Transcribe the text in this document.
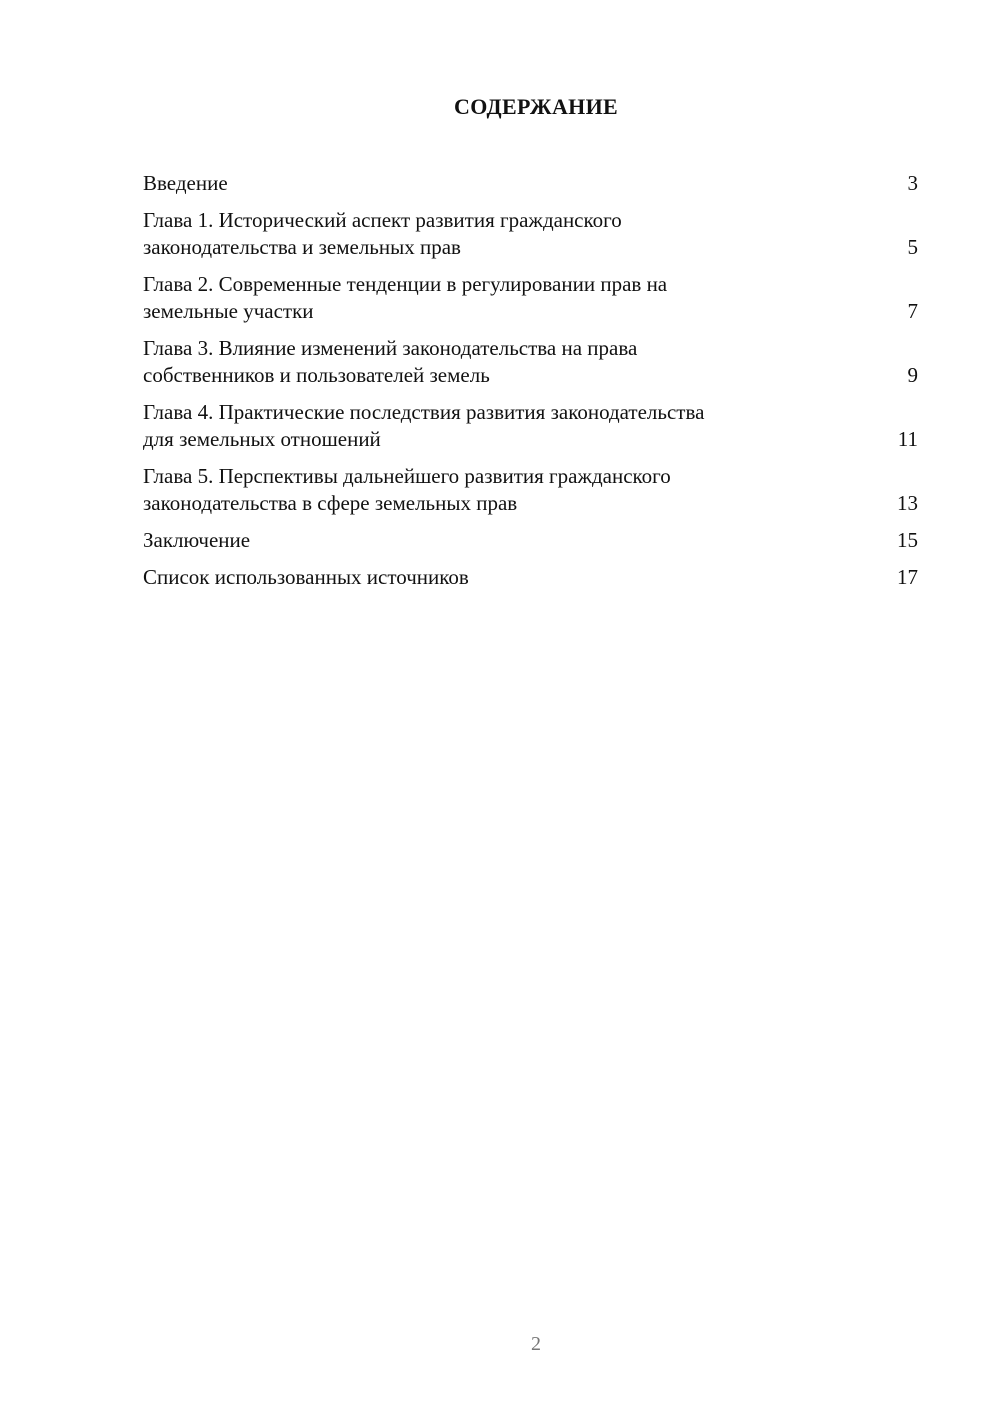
СОДЕРЖАНИЕ
Введение	3
Глава 1. Исторический аспект развития гражданского
законодательства и земельных прав	5
Глава 2. Современные тенденции в регулировании прав на
земельные участки	7
Глава 3. Влияние изменений законодательства на права
собственников и пользователей земель	9
Глава 4. Практические последствия развития законодательства
для земельных отношений	11
Глава 5. Перспективы дальнейшего развития гражданского
законодательства в сфере земельных прав	13
Заключение	15
Список использованных источников	17
2
